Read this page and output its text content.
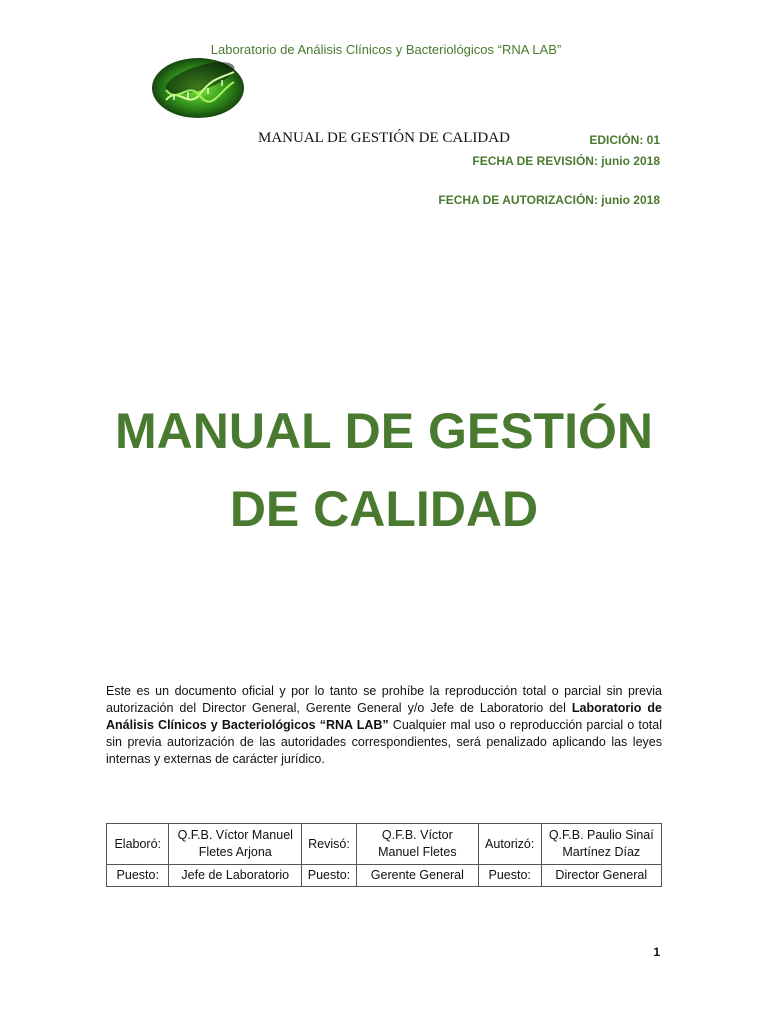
Laboratorio de Análisis Clínicos y Bacteriológicos “RNA LAB”
MANUAL DE GESTIÓN DE CALIDAD	EDICIÓN: 01
FECHA DE REVISIÓN: junio 2018
FECHA DE AUTORIZACIÓN: junio 2018
MANUAL DE GESTIÓN
DE CALIDAD
Este es un documento oficial y por lo tanto se prohíbe la reproducción total o parcial sin previa autorización del Director General, Gerente General y/o Jefe de Laboratorio del Laboratorio de Análisis Clínicos y Bacteriológicos “RNA LAB” Cualquier mal uso o reproducción parcial o total sin previa autorización de las autoridades correspondientes, será penalizado aplicando las leyes internas y externas de carácter jurídico.
Elaboró:	Q.F.B. Víctor Manuel Fletes Arjona	Revisó:	Q.F.B. Víctor Manuel Fletes	Autorizó:	Q.F.B. Paulio Sinaí Martínez Díaz
Puesto:	Jefe de Laboratorio	Puesto:	Gerente General	Puesto:	Director General
1
